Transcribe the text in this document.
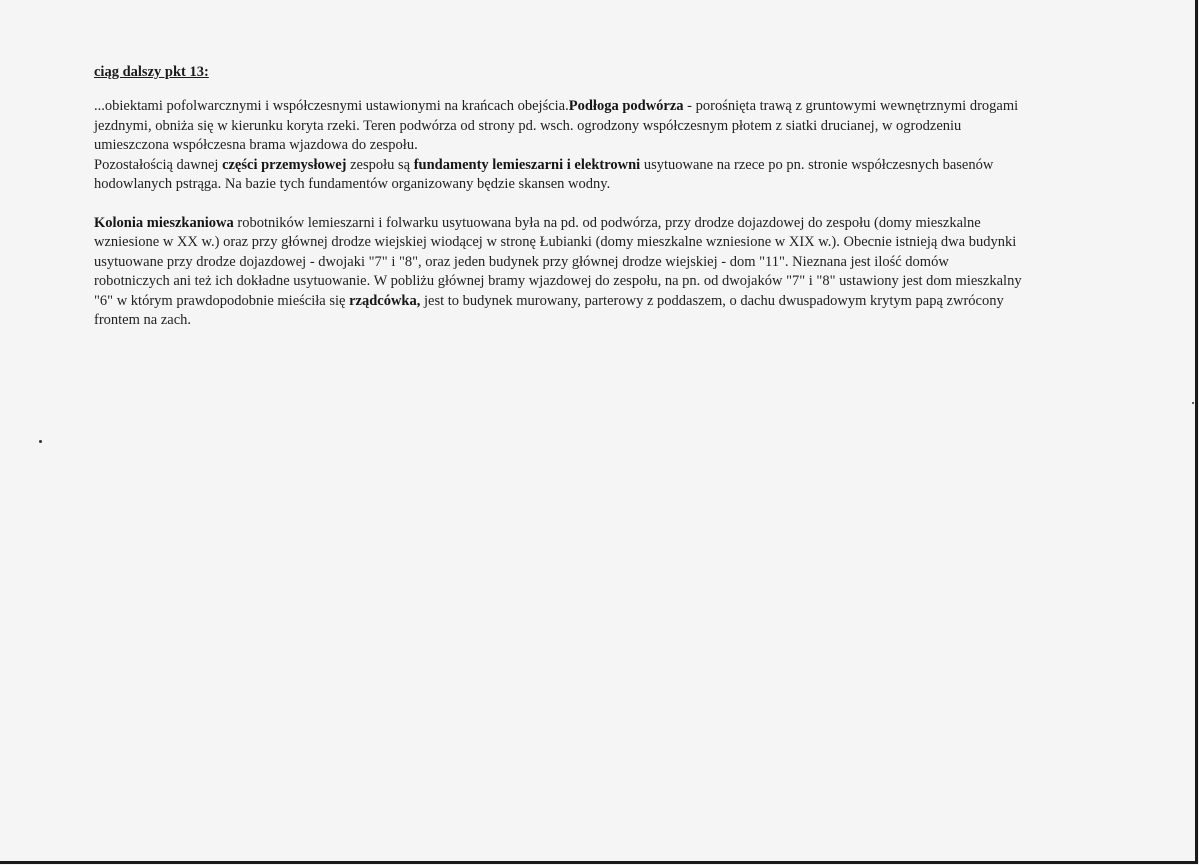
ciąg dalszy pkt 13:

...obiektami pofolwarcznymi i współczesnymi ustawionymi na krańcach obejścia.Podłoga podwórza - porośnięta trawą z gruntowymi wewnętrznymi drogami jezdnymi, obniża się w kierunku koryta rzeki. Teren podwórza od strony pd. wsch. ogrodzony współczesnym płotem z siatki drucianej, w ogrodzeniu umieszczona współczesna brama wjazdowa do zespołu.
Pozostałością dawnej części przemysłowej zespołu są fundamenty lemieszarni i elektrowni usytuowane na rzece po pn. stronie współczesnych basenów hodowlanych pstrąga. Na bazie tych fundamentów organizowany będzie skansen wodny.

Kolonia mieszkaniowa robotników lemieszarni i folwarku usytuowana była na pd. od podwórza, przy drodze dojazdowej do zespołu (domy mieszkalne wzniesione w XX w.) oraz przy głównej drodze wiejskiej wiodącej w stronę Łubianki (domy mieszkalne wzniesione w XIX w.). Obecnie istnieją dwa budynki usytuowane przy drodze dojazdowej - dwojaki "7" i "8", oraz jeden budynek przy głównej drodze wiejskiej - dom "11". Nieznana jest ilość domów robotniczych ani też ich dokładne usytuowanie. W pobliżu głównej bramy wjazdowej do zespołu, na pn. od dwojaków "7" i "8" ustawiony jest dom mieszkalny "6" w którym prawdopodobnie mieściła się rządcówka, jest to budynek murowany, parterowy z poddaszem, o dachu dwuspadowym krytym papą zwrócony frontem na zach.
